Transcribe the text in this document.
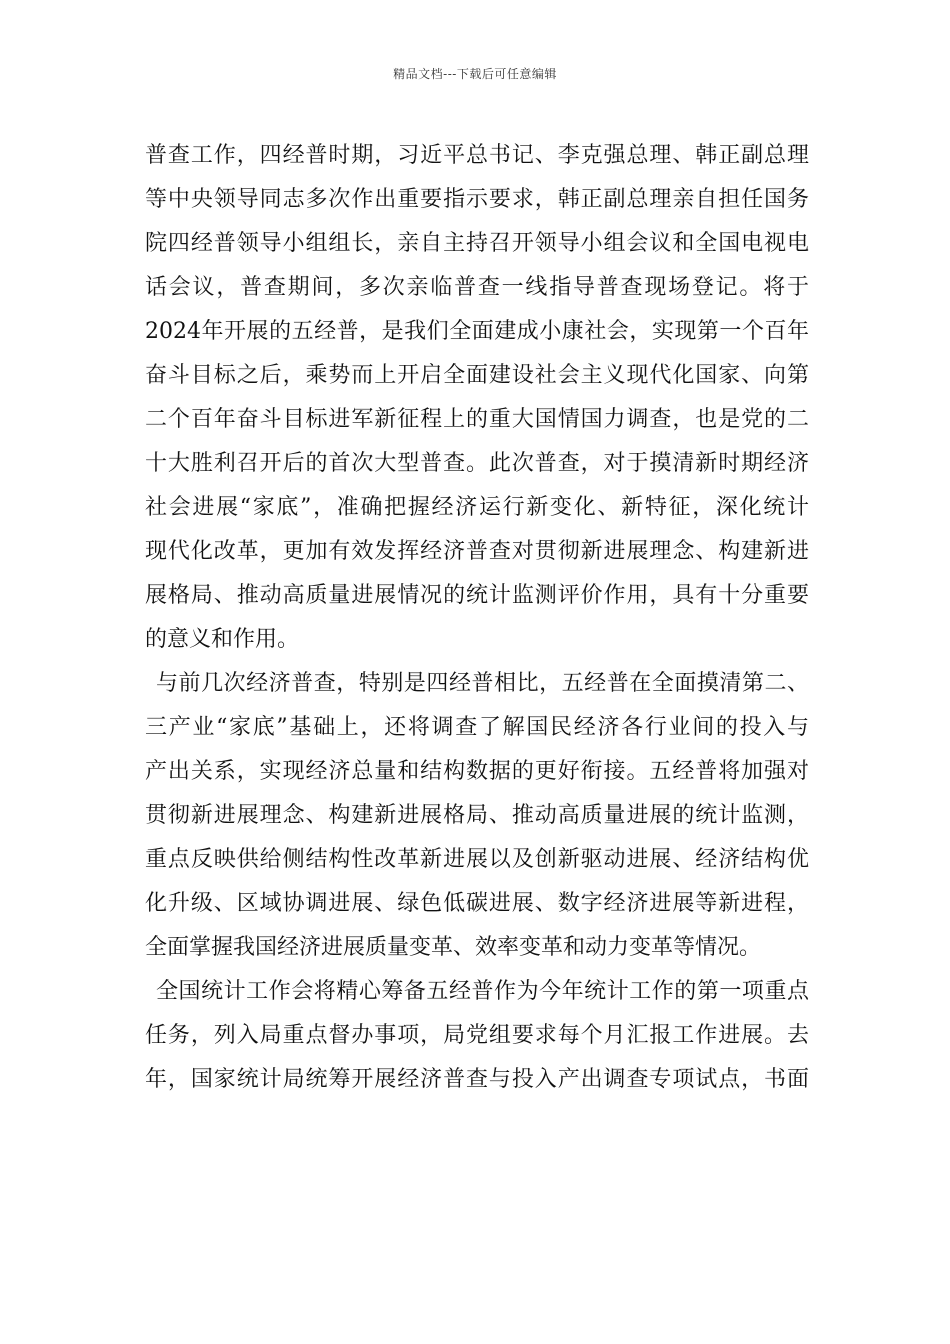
精品文档---下载后可任意编辑
普查工作，四经普时期，习近平总书记、李克强总理、韩正副总理
等中央领导同志多次作出重要指示要求，韩正副总理亲自担任国务
院四经普领导小组组长，亲自主持召开领导小组会议和全国电视电
话会议，普查期间，多次亲临普查一线指导普查现场登记。将于
2024年开展的五经普，是我们全面建成小康社会，实现第一个百年
奋斗目标之后，乘势而上开启全面建设社会主义现代化国家、向第
二个百年奋斗目标进军新征程上的重大国情国力调查，也是党的二
十大胜利召开后的首次大型普查。此次普查，对于摸清新时期经济
社会进展“家底”，准确把握经济运行新变化、新特征，深化统计
现代化改革，更加有效发挥经济普查对贯彻新进展理念、构建新进
展格局、推动高质量进展情况的统计监测评价作用，具有十分重要
的意义和作用。
与前几次经济普查，特别是四经普相比，五经普在全面摸清第二、
三产业“家底”基础上，还将调查了解国民经济各行业间的投入与
产出关系，实现经济总量和结构数据的更好衔接。五经普将加强对
贯彻新进展理念、构建新进展格局、推动高质量进展的统计监测，
重点反映供给侧结构性改革新进展以及创新驱动进展、经济结构优
化升级、区域协调进展、绿色低碳进展、数字经济进展等新进程，
全面掌握我国经济进展质量变革、效率变革和动力变革等情况。
全国统计工作会将精心筹备五经普作为今年统计工作的第一项重点
任务，列入局重点督办事项，局党组要求每个月汇报工作进展。去
年，国家统计局统筹开展经济普查与投入产出调查专项试点，书面
